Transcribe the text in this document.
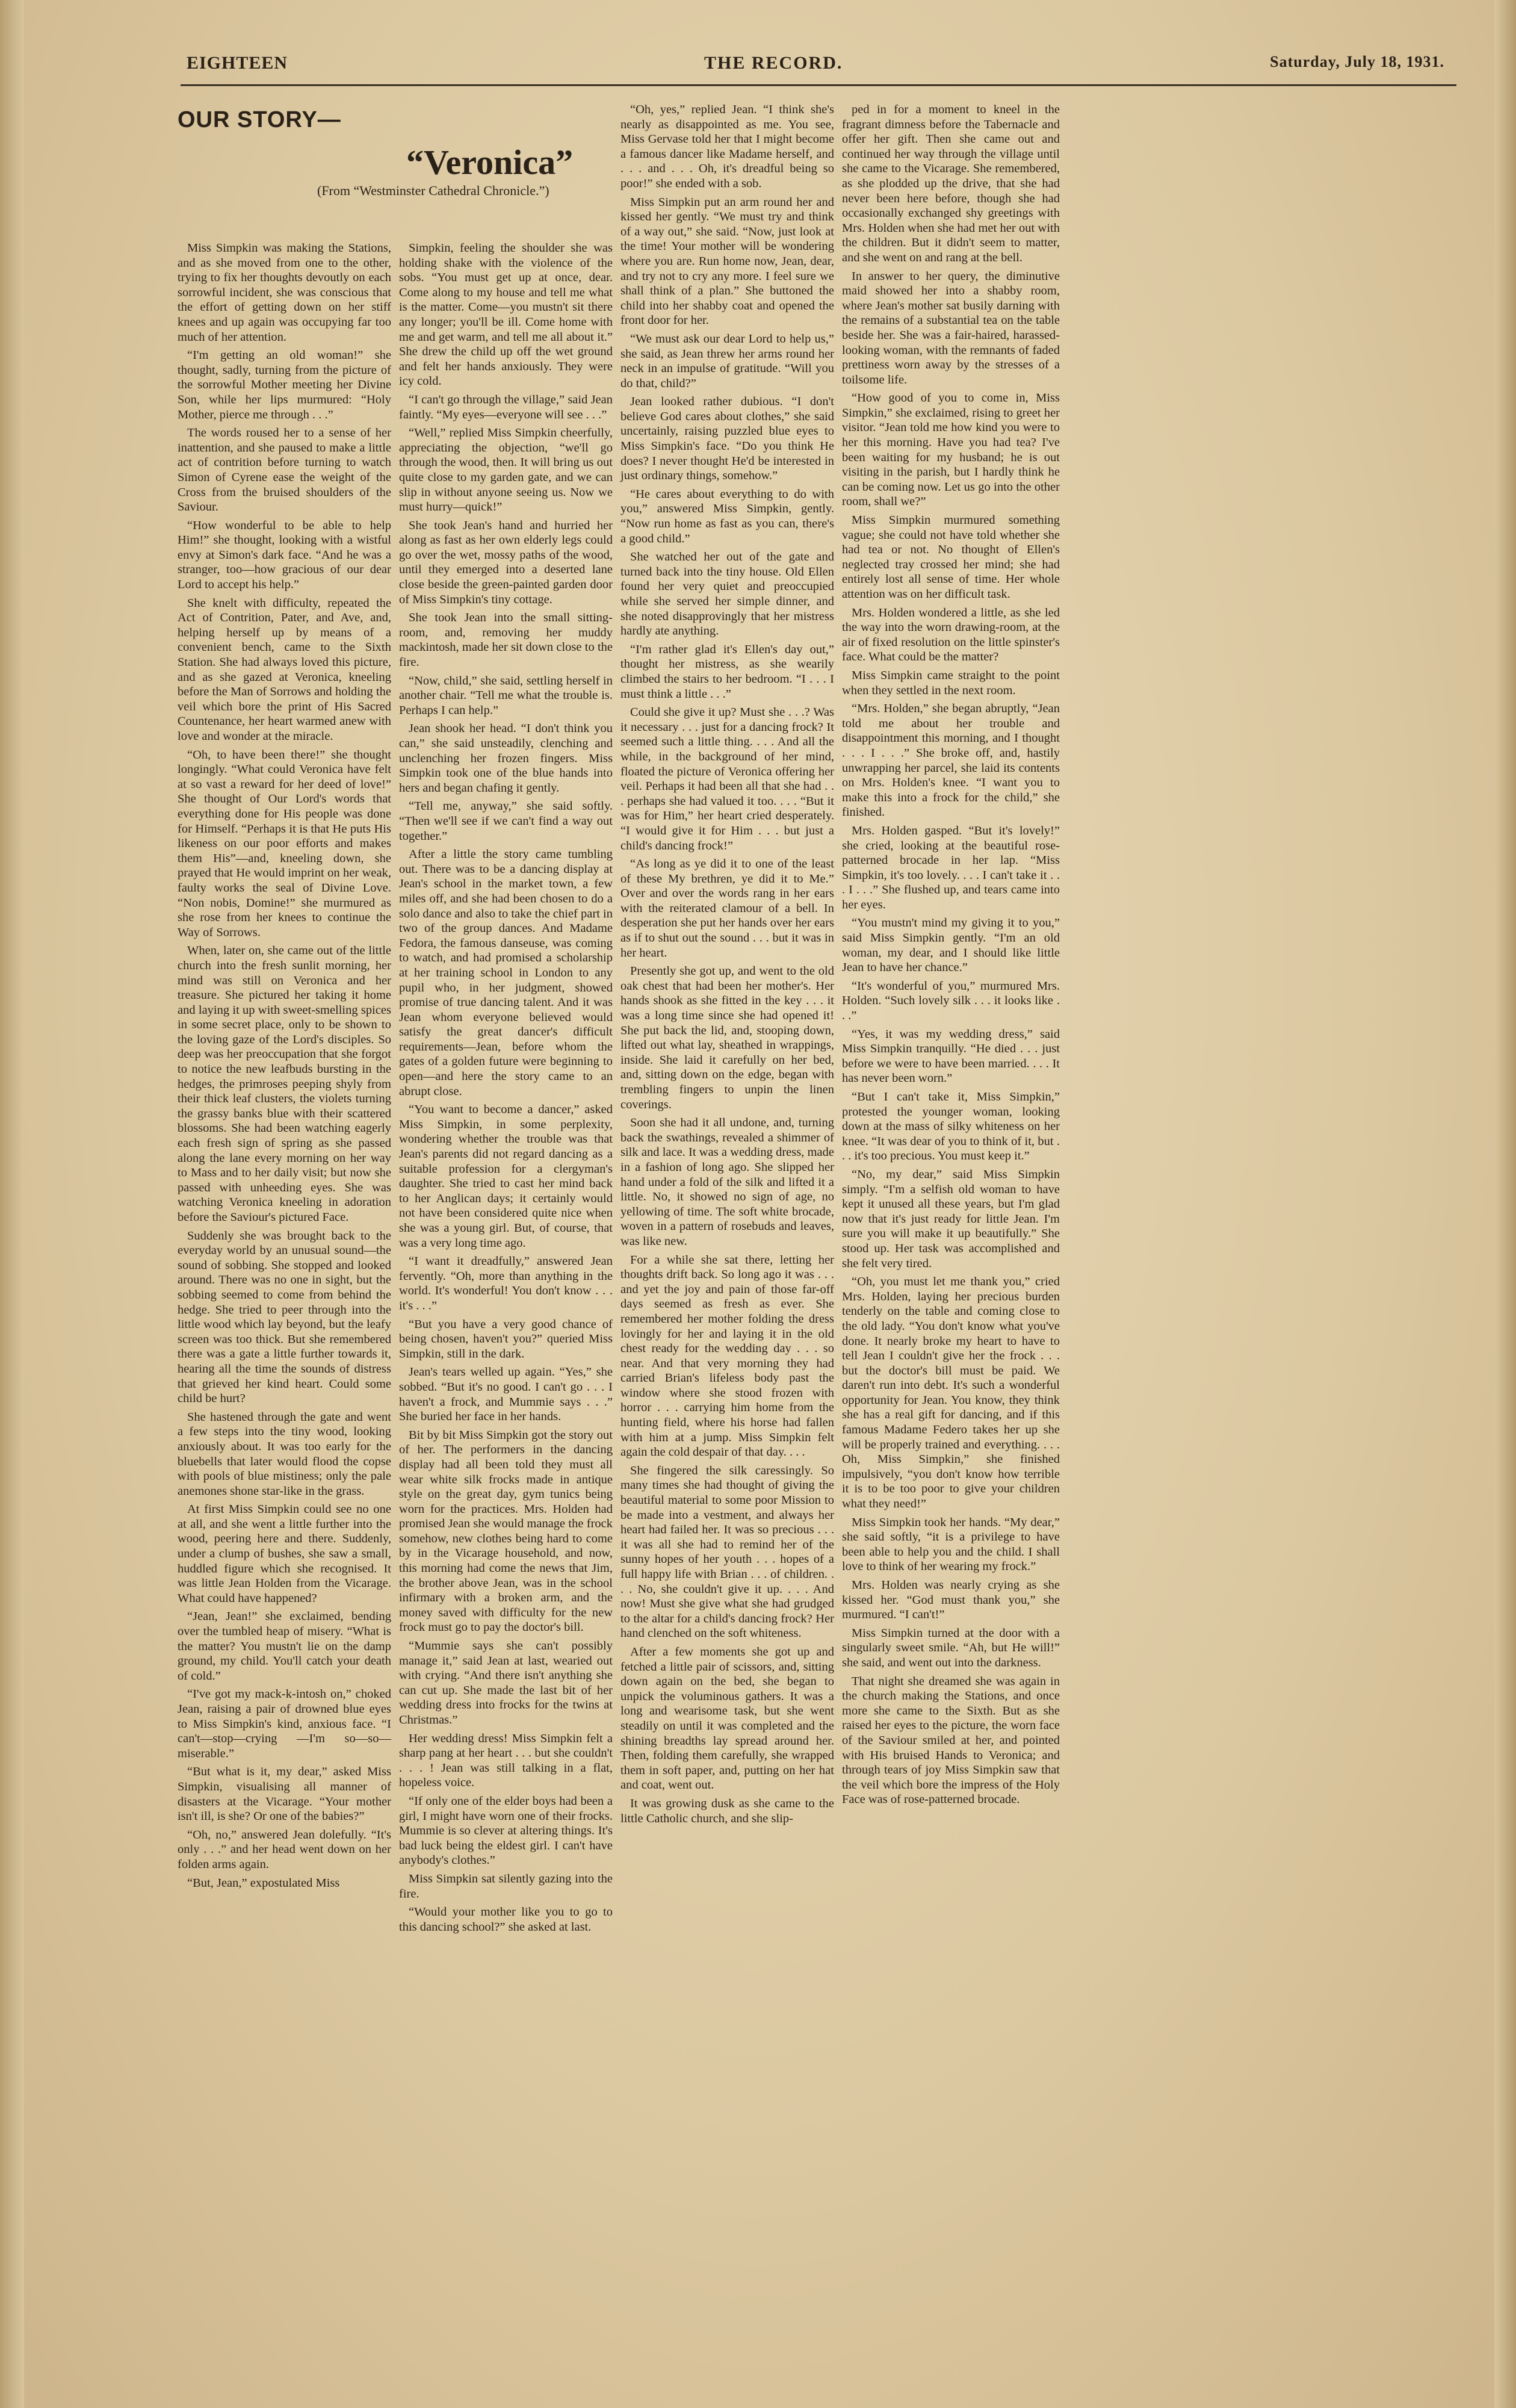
EIGHTEEN	THE RECORD.	Saturday, July 18, 1931.
OUR STORY—
“Veronica”
(From “Westminster Cathedral Chronicle.”)

Miss Simpkin was making the Stations, and as she moved from one to the other, trying to fix her thoughts devoutly on each sorrowful incident, she was conscious that the effort of getting down on her stiff knees and up again was occupying far too much of her attention.

“I'm getting an old woman!” she thought, sadly, turning from the picture of the sorrowful Mother meeting her Divine Son, while her lips murmured: “Holy Mother, pierce me through . . .”

The words roused her to a sense of her inattention, and she paused to make a little act of contrition before turning to watch Simon of Cyrene ease the weight of the Cross from the bruised shoulders of the Saviour.

“How wonderful to be able to help Him!” she thought, looking with a wistful envy at Simon's dark face. “And he was a stranger, too—how gracious of our dear Lord to accept his help.”

She knelt with difficulty, repeated the Act of Contrition, Pater, and Ave, and, helping herself up by means of a convenient bench, came to the Sixth Station. She had always loved this picture, and as she gazed at Veronica, kneeling before the Man of Sorrows and holding the veil which bore the print of His Sacred Countenance, her heart warmed anew with love and wonder at the miracle.

“Oh, to have been there!” she thought longingly. “What could Veronica have felt at so vast a reward for her deed of love!” She thought of Our Lord's words that everything done for His people was done for Himself. “Perhaps it is that He puts His likeness on our poor efforts and makes them His”—and, kneeling down, she prayed that He would imprint on her weak, faulty works the seal of Divine Love. “Non nobis, Domine!” she murmured as she rose from her knees to continue the Way of Sorrows.

When, later on, she came out of the little church into the fresh sunlit morning, her mind was still on Veronica and her treasure. She pictured her taking it home and laying it up with sweet-smelling spices in some secret place, only to be shown to the loving gaze of the Lord's disciples. So deep was her preoccupation that she forgot to notice the new leafbuds bursting in the hedges, the primroses peeping shyly from their thick leaf clusters, the violets turning the grassy banks blue with their scattered blossoms. She had been watching eagerly each fresh sign of spring as she passed along the lane every morning on her way to Mass and to her daily visit; but now she passed with unheeding eyes. She was watching Veronica kneeling in adoration before the Saviour's pictured Face.

Suddenly she was brought back to the everyday world by an unusual sound—the sound of sobbing. She stopped and looked around. There was no one in sight, but the sobbing seemed to come from behind the hedge. She tried to peer through into the little wood which lay beyond, but the leafy screen was too thick. But she remembered there was a gate a little further towards it, hearing all the time the sounds of distress that grieved her kind heart. Could some child be hurt?

She hastened through the gate and went a few steps into the tiny wood, looking anxiously about. It was too early for the bluebells that later would flood the copse with pools of blue mistiness; only the pale anemones shone star-like in the grass.

At first Miss Simpkin could see no one at all, and she went a little further into the wood, peering here and there. Suddenly, under a clump of bushes, she saw a small, huddled figure which she recognised. It was little Jean Holden from the Vicarage. What could have happened?

“Jean, Jean!” she exclaimed, bending over the tumbled heap of misery. “What is the matter? You mustn't lie on the damp ground, my child. You'll catch your death of cold.”

“I've got my mack-k-intosh on,” choked Jean, raising a pair of drowned blue eyes to Miss Simpkin's kind, anxious face. “I can't—stop—crying —I'm so—so—miserable.”

“But what is it, my dear,” asked Miss Simpkin, visualising all manner of disasters at the Vicarage. “Your mother isn't ill, is she? Or one of the babies?”

“Oh, no,” answered Jean dolefully. “It's only . . .” and her head went down on her folden arms again.

“But, Jean,” expostulated Miss

Simpkin, feeling the shoulder she was holding shake with the violence of the sobs. “You must get up at once, dear. Come along to my house and tell me what is the matter. Come—you mustn't sit there any longer; you'll be ill. Come home with me and get warm, and tell me all about it.” She drew the child up off the wet ground and felt her hands anxiously. They were icy cold.

“I can't go through the village,” said Jean faintly. “My eyes—everyone will see . . .”

“Well,” replied Miss Simpkin cheerfully, appreciating the objection, “we'll go through the wood, then. It will bring us out quite close to my garden gate, and we can slip in without anyone seeing us. Now we must hurry—quick!”

She took Jean's hand and hurried her along as fast as her own elderly legs could go over the wet, mossy paths of the wood, until they emerged into a deserted lane close beside the green-painted garden door of Miss Simpkin's tiny cottage.

She took Jean into the small sitting-room, and, removing her muddy mackintosh, made her sit down close to the fire.

“Now, child,” she said, settling herself in another chair. “Tell me what the trouble is. Perhaps I can help.”

Jean shook her head. “I don't think you can,” she said unsteadily, clenching and unclenching her frozen fingers. Miss Simpkin took one of the blue hands into hers and began chafing it gently.

“Tell me, anyway,” she said softly. “Then we'll see if we can't find a way out together.”

After a little the story came tumbling out. There was to be a dancing display at Jean's school in the market town, a few miles off, and she had been chosen to do a solo dance and also to take the chief part in two of the group dances. And Madame Fedora, the famous danseuse, was coming to watch, and had promised a scholarship at her training school in London to any pupil who, in her judgment, showed promise of true dancing talent. And it was Jean whom everyone believed would satisfy the great dancer's difficult requirements—Jean, before whom the gates of a golden future were beginning to open—and here the story came to an abrupt close.

“You want to become a dancer,” asked Miss Simpkin, in some perplexity, wondering whether the trouble was that Jean's parents did not regard dancing as a suitable profession for a clergyman's daughter. She tried to cast her mind back to her Anglican days; it certainly would not have been considered quite nice when she was a young girl. But, of course, that was a very long time ago.

“I want it dreadfully,” answered Jean fervently. “Oh, more than anything in the world. It's wonderful! You don't know . . . it's . . .”

“But you have a very good chance of being chosen, haven't you?” queried Miss Simpkin, still in the dark.

Jean's tears welled up again. “Yes,” she sobbed. “But it's no good. I can't go . . . I haven't a frock, and Mummie says . . .” She buried her face in her hands.

Bit by bit Miss Simpkin got the story out of her. The performers in the dancing display had all been told they must all wear white silk frocks made in antique style on the great day, gym tunics being worn for the practices. Mrs. Holden had promised Jean she would manage the frock somehow, new clothes being hard to come by in the Vicarage household, and now, this morning had come the news that Jim, the brother above Jean, was in the school infirmary with a broken arm, and the money saved with difficulty for the new frock must go to pay the doctor's bill.

“Mummie says she can't possibly manage it,” said Jean at last, wearied out with crying. “And there isn't anything she can cut up. She made the last bit of her wedding dress into frocks for the twins at Christmas.”

Her wedding dress! Miss Simpkin felt a sharp pang at her heart . . . but she couldn't . . . ! Jean was still talking in a flat, hopeless voice.

“If only one of the elder boys had been a girl, I might have worn one of their frocks. Mummie is so clever at altering things. It's bad luck being the eldest girl. I can't have anybody's clothes.”

Miss Simpkin sat silently gazing into the fire.

“Would your mother like you to go to this dancing school?” she asked at last.

“Oh, yes,” replied Jean. “I think she's nearly as disappointed as me. You see, Miss Gervase told her that I might become a famous dancer like Madame herself, and . . . and . . . Oh, it's dreadful being so poor!” she ended with a sob.

Miss Simpkin put an arm round her and kissed her gently. “We must try and think of a way out,” she said. “Now, just look at the time! Your mother will be wondering where you are. Run home now, Jean, dear, and try not to cry any more. I feel sure we shall think of a plan.” She buttoned the child into her shabby coat and opened the front door for her.

“We must ask our dear Lord to help us,” she said, as Jean threw her arms round her neck in an impulse of gratitude. “Will you do that, child?”

Jean looked rather dubious. “I don't believe God cares about clothes,” she said uncertainly, raising puzzled blue eyes to Miss Simpkin's face. “Do you think He does? I never thought He'd be interested in just ordinary things, somehow.”

“He cares about everything to do with you,” answered Miss Simpkin, gently. “Now run home as fast as you can, there's a good child.”

She watched her out of the gate and turned back into the tiny house. Old Ellen found her very quiet and preoccupied while she served her simple dinner, and she noted disapprovingly that her mistress hardly ate anything.

“I'm rather glad it's Ellen's day out,” thought her mistress, as she wearily climbed the stairs to her bedroom. “I . . . I must think a little . . .”

Could she give it up? Must she . . .? Was it necessary . . . just for a dancing frock? It seemed such a little thing. . . . And all the while, in the background of her mind, floated the picture of Veronica offering her veil. Perhaps it had been all that she had . . . perhaps she had valued it too. . . . “But it was for Him,” her heart cried desperately. “I would give it for Him . . . but just a child's dancing frock!”

“As long as ye did it to one of the least of these My brethren, ye did it to Me.” Over and over the words rang in her ears with the reiterated clamour of a bell. In desperation she put her hands over her ears as if to shut out the sound . . . but it was in her heart.

Presently she got up, and went to the old oak chest that had been her mother's. Her hands shook as she fitted in the key . . . it was a long time since she had opened it! She put back the lid, and, stooping down, lifted out what lay, sheathed in wrappings, inside. She laid it carefully on her bed, and, sitting down on the edge, began with trembling fingers to unpin the linen coverings.

Soon she had it all undone, and, turning back the swathings, revealed a shimmer of silk and lace. It was a wedding dress, made in a fashion of long ago. She slipped her hand under a fold of the silk and lifted it a little. No, it showed no sign of age, no yellowing of time. The soft white brocade, woven in a pattern of rosebuds and leaves, was like new.

For a while she sat there, letting her thoughts drift back. So long ago it was . . . and yet the joy and pain of those far-off days seemed as fresh as ever. She remembered her mother folding the dress lovingly for her and laying it in the old chest ready for the wedding day . . . so near. And that very morning they had carried Brian's lifeless body past the window where she stood frozen with horror . . . carrying him home from the hunting field, where his horse had fallen with him at a jump. Miss Simpkin felt again the cold despair of that day. . . .

She fingered the silk caressingly. So many times she had thought of giving the beautiful material to some poor Mission to be made into a vestment, and always her heart had failed her. It was so precious . . . it was all she had to remind her of the sunny hopes of her youth . . . hopes of a full happy life with Brian . . . of children. . . . No, she couldn't give it up. . . . And now! Must she give what she had grudged to the altar for a child's dancing frock? Her hand clenched on the soft whiteness.

After a few moments she got up and fetched a little pair of scissors, and, sitting down again on the bed, she began to unpick the voluminous gathers. It was a long and wearisome task, but she went steadily on until it was completed and the shining breadths lay spread around her. Then, folding them carefully, she wrapped them in soft paper, and, putting on her hat and coat, went out.

It was growing dusk as she came to the little Catholic church, and she slip-

ped in for a moment to kneel in the fragrant dimness before the Tabernacle and offer her gift. Then she came out and continued her way through the village until she came to the Vicarage. She remembered, as she plodded up the drive, that she had never been here before, though she had occasionally exchanged shy greetings with Mrs. Holden when she had met her out with the children. But it didn't seem to matter, and she went on and rang at the bell.

In answer to her query, the diminutive maid showed her into a shabby room, where Jean's mother sat busily darning with the remains of a substantial tea on the table beside her. She was a fair-haired, harassed-looking woman, with the remnants of faded prettiness worn away by the stresses of a toilsome life.

“How good of you to come in, Miss Simpkin,” she exclaimed, rising to greet her visitor. “Jean told me how kind you were to her this morning. Have you had tea? I've been waiting for my husband; he is out visiting in the parish, but I hardly think he can be coming now. Let us go into the other room, shall we?”

Miss Simpkin murmured something vague; she could not have told whether she had tea or not. No thought of Ellen's neglected tray crossed her mind; she had entirely lost all sense of time. Her whole attention was on her difficult task.

Mrs. Holden wondered a little, as she led the way into the worn drawing-room, at the air of fixed resolution on the little spinster's face. What could be the matter?

Miss Simpkin came straight to the point when they settled in the next room.

“Mrs. Holden,” she began abruptly, “Jean told me about her trouble and disappointment this morning, and I thought . . . I . . .” She broke off, and, hastily unwrapping her parcel, she laid its contents on Mrs. Holden's knee. “I want you to make this into a frock for the child,” she finished.

Mrs. Holden gasped. “But it's lovely!” she cried, looking at the beautiful rose-patterned brocade in her lap. “Miss Simpkin, it's too lovely. . . . I can't take it . . . I . . .” She flushed up, and tears came into her eyes.

“You mustn't mind my giving it to you,” said Miss Simpkin gently. “I'm an old woman, my dear, and I should like little Jean to have her chance.”

“It's wonderful of you,” murmured Mrs. Holden. “Such lovely silk . . . it looks like . . .”

“Yes, it was my wedding dress,” said Miss Simpkin tranquilly. “He died . . . just before we were to have been married. . . . It has never been worn.”

“But I can't take it, Miss Simpkin,” protested the younger woman, looking down at the mass of silky whiteness on her knee. “It was dear of you to think of it, but . . . it's too precious. You must keep it.”

“No, my dear,” said Miss Simpkin simply. “I'm a selfish old woman to have kept it unused all these years, but I'm glad now that it's just ready for little Jean. I'm sure you will make it up beautifully.” She stood up. Her task was accomplished and she felt very tired.

“Oh, you must let me thank you,” cried Mrs. Holden, laying her precious burden tenderly on the table and coming close to the old lady. “You don't know what you've done. It nearly broke my heart to have to tell Jean I couldn't give her the frock . . . but the doctor's bill must be paid. We daren't run into debt. It's such a wonderful opportunity for Jean. You know, they think she has a real gift for dancing, and if this famous Madame Federo takes her up she will be properly trained and everything. . . . Oh, Miss Simpkin,” she finished impulsively, “you don't know how terrible it is to be too poor to give your children what they need!”

Miss Simpkin took her hands. “My dear,” she said softly, “it is a privilege to have been able to help you and the child. I shall love to think of her wearing my frock.”

Mrs. Holden was nearly crying as she kissed her. “God must thank you,” she murmured. “I can't!”

Miss Simpkin turned at the door with a singularly sweet smile. “Ah, but He will!” she said, and went out into the darkness.

That night she dreamed she was again in the church making the Stations, and once more she came to the Sixth. But as she raised her eyes to the picture, the worn face of the Saviour smiled at her, and pointed with His bruised Hands to Veronica; and through tears of joy Miss Simpkin saw that the veil which bore the impress of the Holy Face was of rose-patterned brocade.
